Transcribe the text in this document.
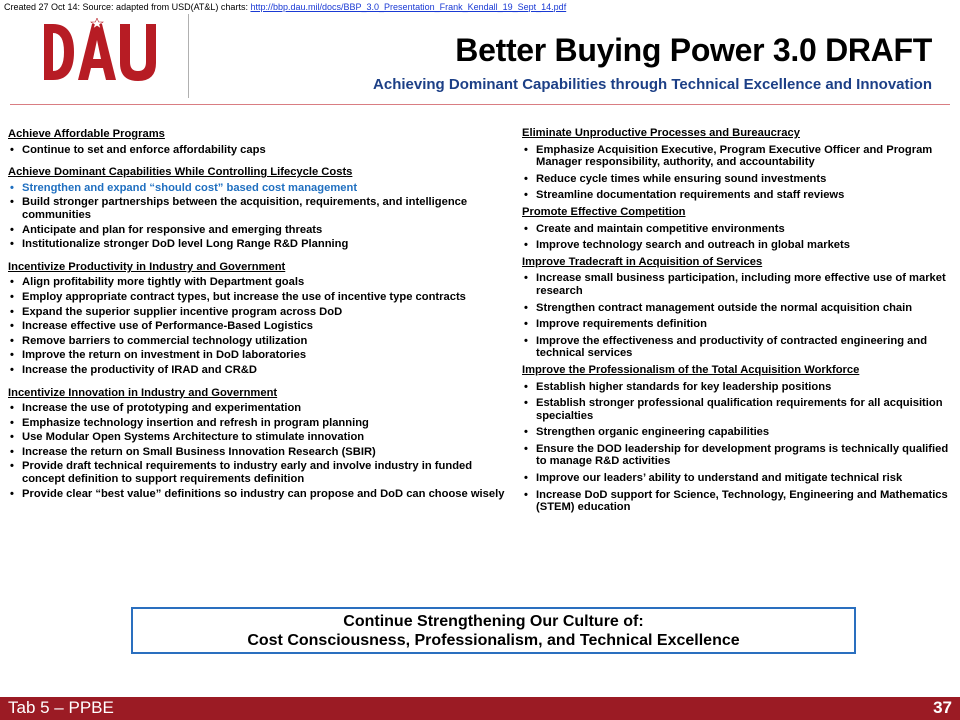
Created 27 Oct 14: Source: adapted from USD(AT&L) charts: http://bbp.dau.mil/docs/BBP_3.0_Presentation_Frank_Kendall_19_Sept_14.pdf
Better Buying Power 3.0 DRAFT
Achieving Dominant Capabilities through Technical Excellence and Innovation
Achieve Affordable Programs
• Continue to set and enforce affordability caps
Achieve Dominant Capabilities While Controlling Lifecycle Costs
• Strengthen and expand “should cost” based cost management
• Build stronger partnerships between the acquisition, requirements, and intelligence communities
• Anticipate and plan for responsive and emerging threats
• Institutionalize stronger DoD level Long Range R&D Planning
Incentivize Productivity in Industry and Government
• Align profitability more tightly with Department goals
• Employ appropriate contract types, but increase the use of incentive type contracts
• Expand the superior supplier incentive program across DoD
• Increase effective use of Performance-Based Logistics
• Remove barriers to commercial technology utilization
• Improve the return on investment in DoD laboratories
• Increase the productivity of IRAD and CR&D
Incentivize Innovation in Industry and Government
• Increase the use of prototyping and experimentation
• Emphasize technology insertion and refresh in program planning
• Use Modular Open Systems Architecture to stimulate innovation
• Increase the return on Small Business Innovation Research (SBIR)
• Provide draft technical requirements to industry early and involve industry in funded concept definition to support requirements definition
• Provide clear “best value” definitions so industry can propose and DoD can choose wisely
Eliminate Unproductive Processes and Bureaucracy
• Emphasize Acquisition Executive, Program Executive Officer and Program Manager responsibility, authority, and accountability
• Reduce cycle times while ensuring sound investments
• Streamline documentation requirements and staff reviews
Promote Effective Competition
• Create and maintain competitive environments
• Improve technology search and outreach in global markets
Improve Tradecraft in Acquisition of Services
• Increase small business participation, including more effective use of market research
• Strengthen contract management outside the normal acquisition chain
• Improve requirements definition
• Improve the effectiveness and productivity of contracted engineering and technical services
Improve the Professionalism of the Total Acquisition Workforce
• Establish higher standards for key leadership positions
• Establish stronger professional qualification requirements for all acquisition specialties
• Strengthen organic engineering capabilities
• Ensure the DOD leadership for development programs is technically qualified to manage R&D activities
• Improve our leaders’ ability to understand and mitigate technical risk
• Increase DoD support for Science, Technology, Engineering and Mathematics (STEM) education
Continue Strengthening Our Culture of:
Cost Consciousness, Professionalism, and Technical Excellence
Tab 5 – PPBE	37
